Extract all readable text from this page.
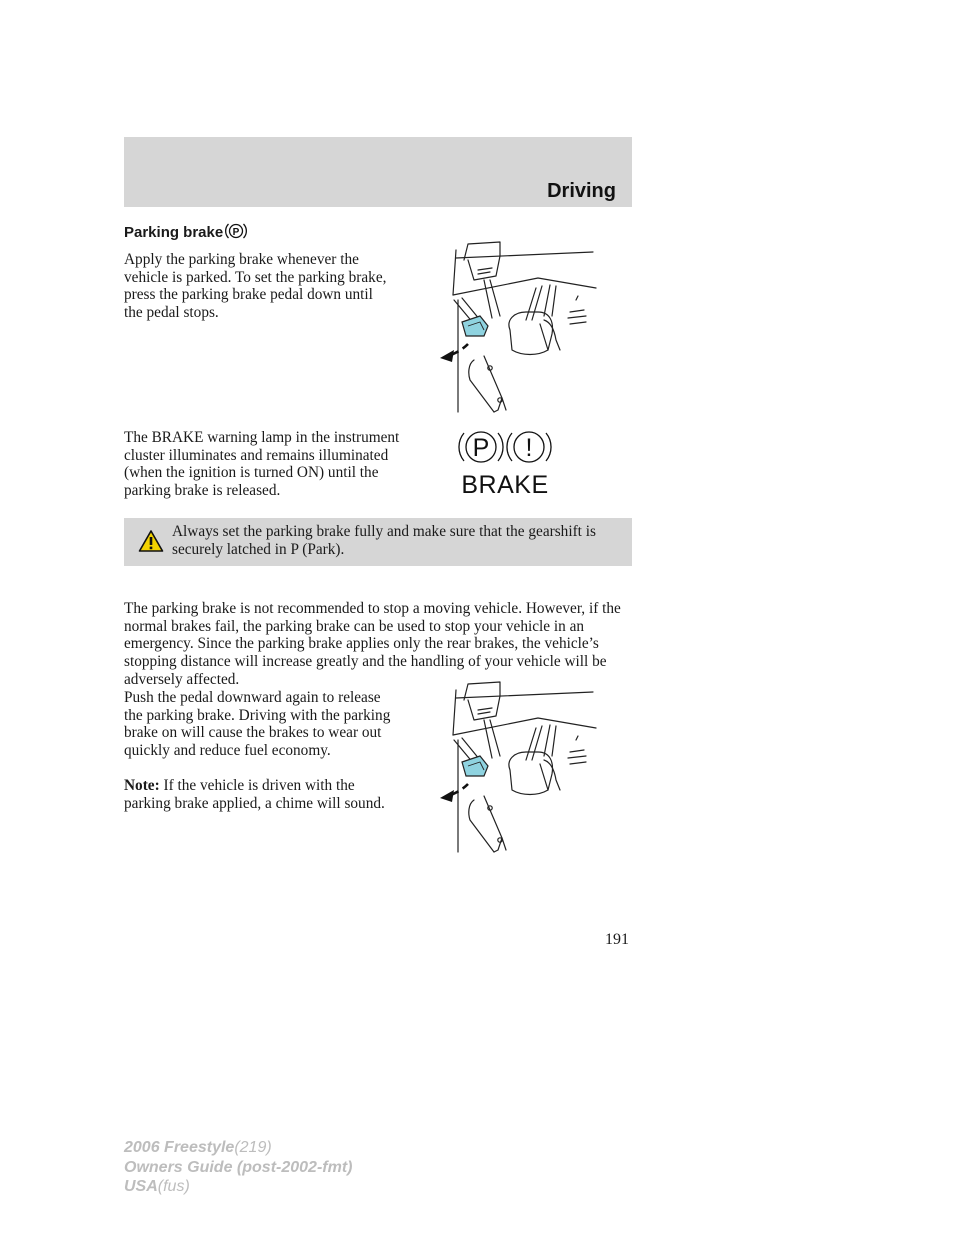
Driving
Parking brake P
Apply the parking brake whenever the vehicle is parked. To set the parking brake, press the parking brake pedal down until the pedal stops.
The BRAKE warning lamp in the instrument cluster illuminates and remains illuminated (when the ignition is turned ON) until the parking brake is released.
P !
BRAKE
Always set the parking brake fully and make sure that the gearshift is securely latched in P (Park).
The parking brake is not recommended to stop a moving vehicle. However, if the normal brakes fail, the parking brake can be used to stop your vehicle in an emergency. Since the parking brake applies only the rear brakes, the vehicle’s stopping distance will increase greatly and the handling of your vehicle will be adversely affected.
Push the pedal downward again to release the parking brake. Driving with the parking brake on will cause the brakes to wear out quickly and reduce fuel economy.
Note: If the vehicle is driven with the parking brake applied, a chime will sound.
191
2006 Freestyle(219)
Owners Guide (post-2002-fmt)
USA(fus)
